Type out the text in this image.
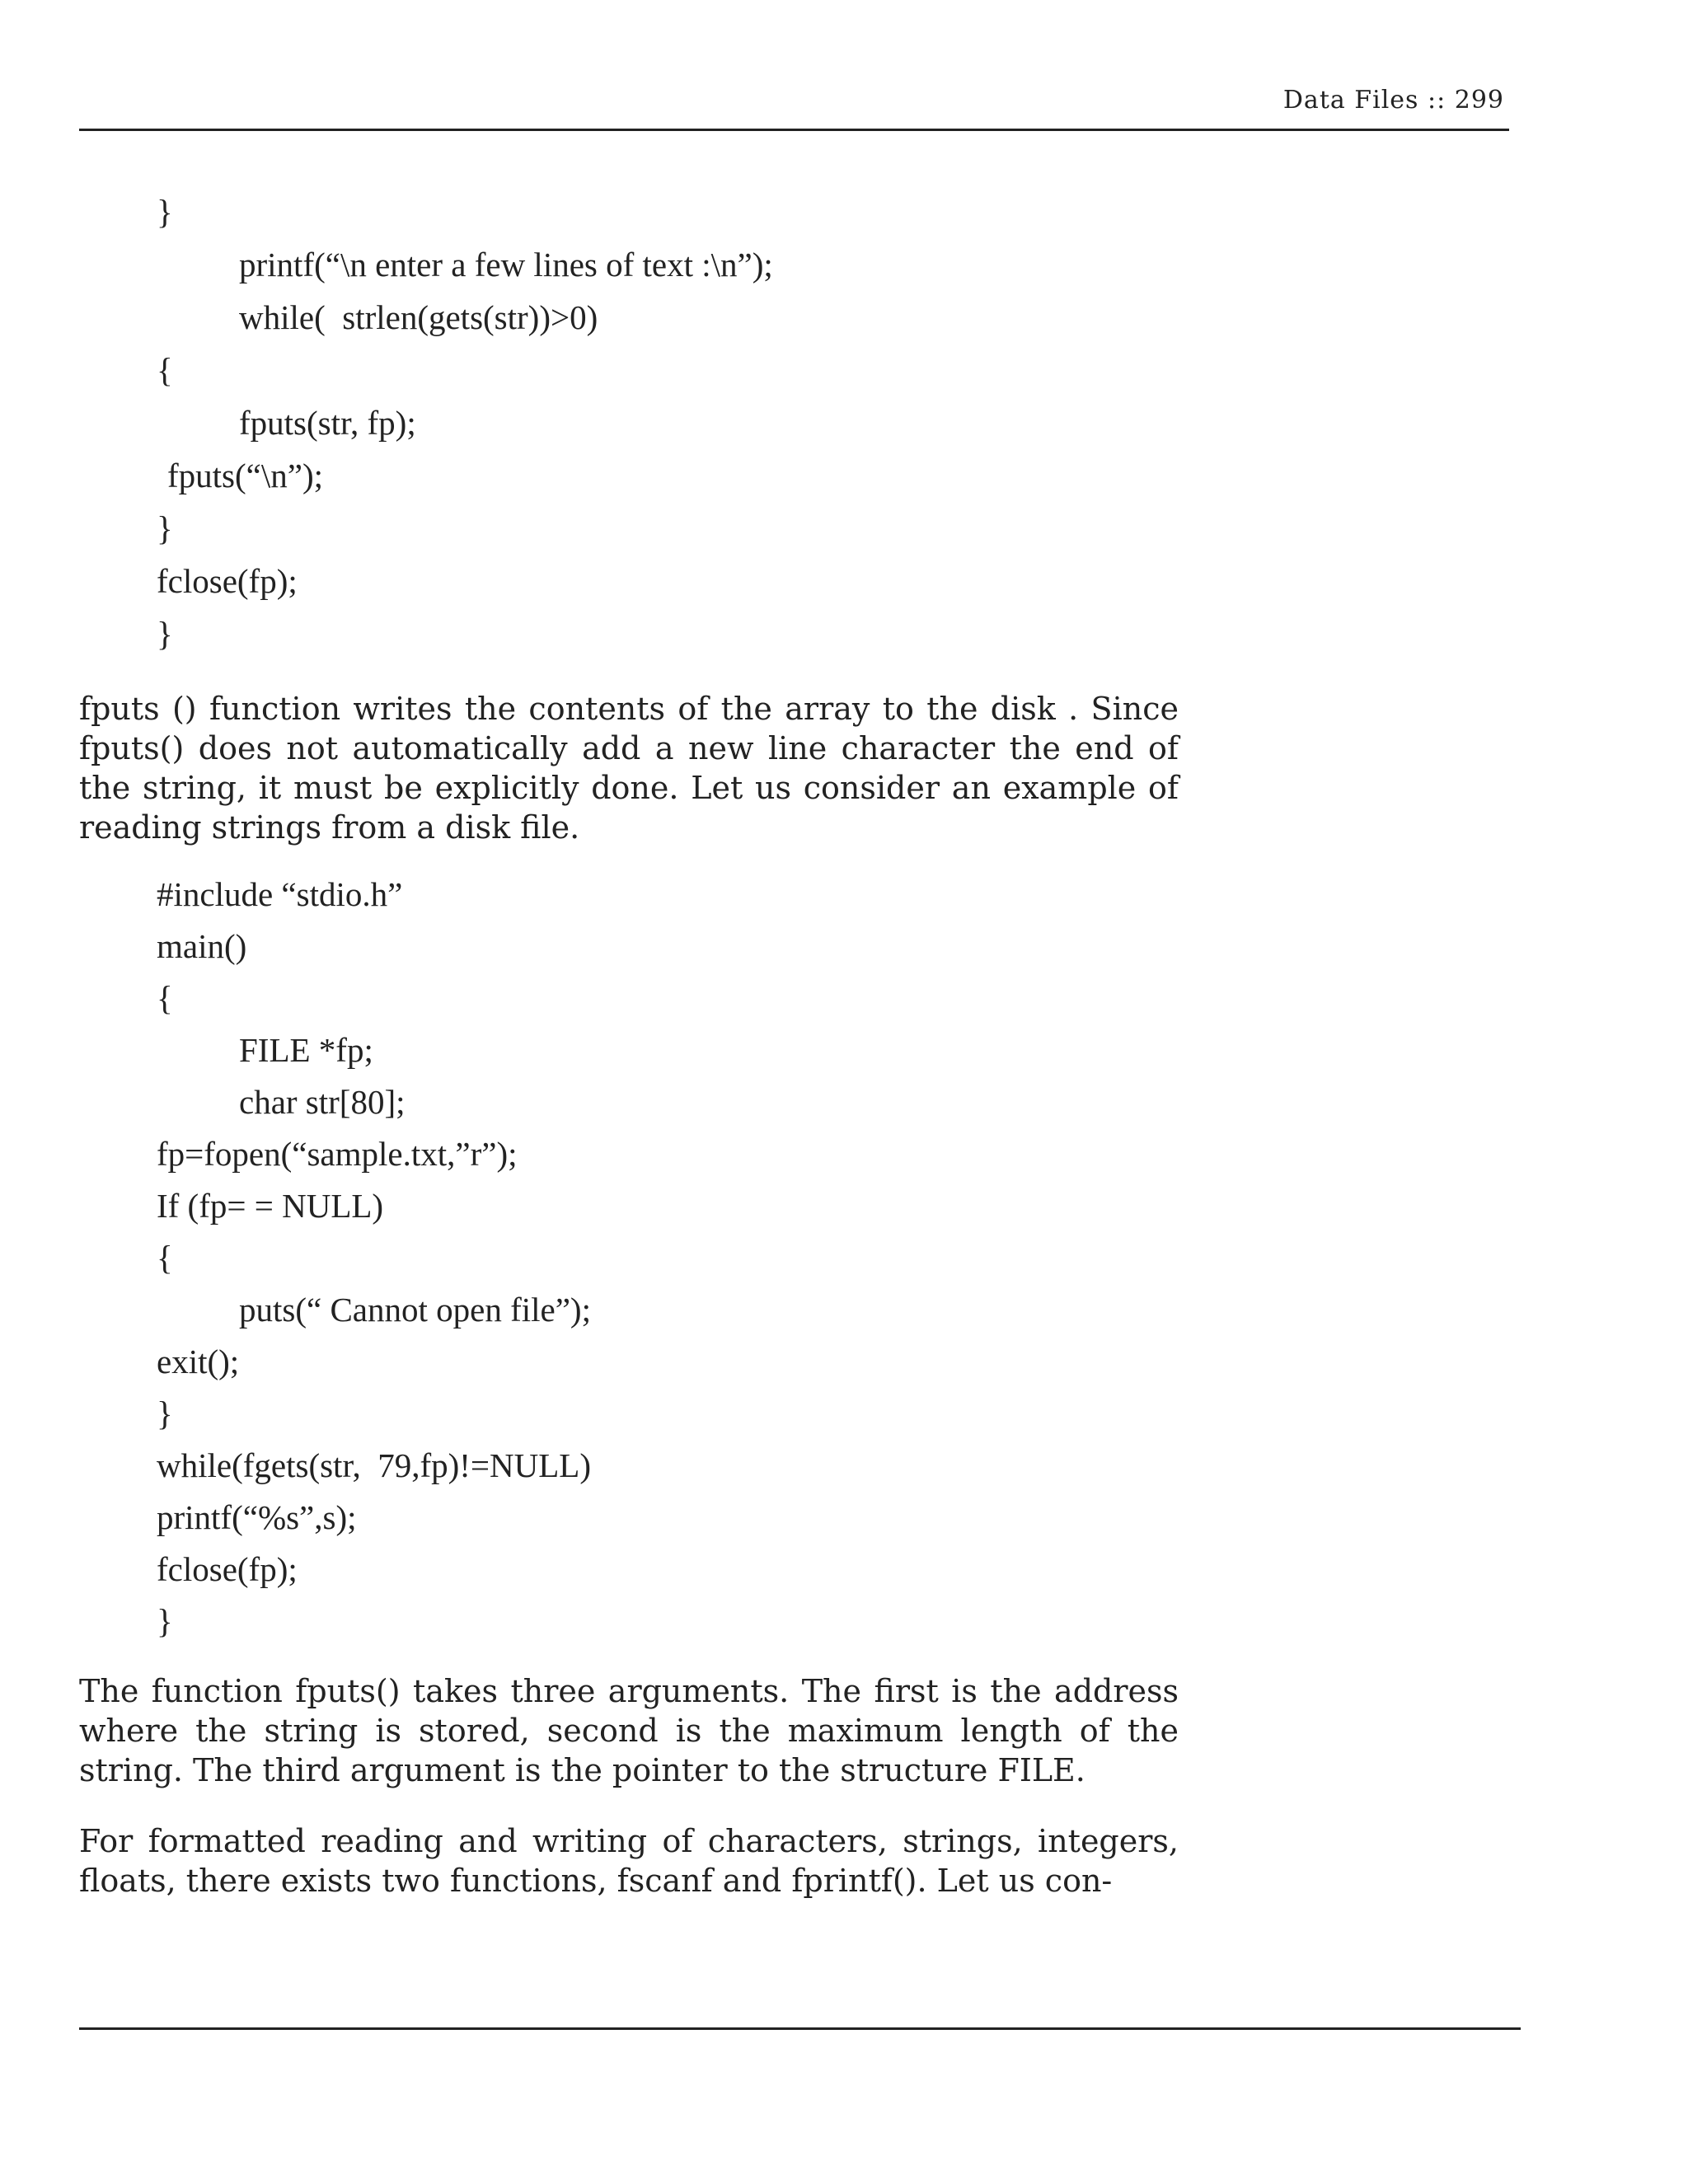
Data Files :: 299
}
printf(“\n enter a few lines of text :\n”);
while(  strlen(gets(str))>0)
{
fputs(str, fp);
fputs(“\n”);
}
fclose(fp);
}

fputs () function writes the contents of the array to the disk . Since fputs() does not automatically add a new line character the end of the string, it must be explicitly done. Let us consider an example of reading strings from a disk file.

#include “stdio.h”
main()
{
FILE *fp;
char str[80];
fp=fopen(“sample.txt,”r”);
If (fp= = NULL)
{
puts(“ Cannot open file”);
exit();
}
while(fgets(str,  79,fp)!=NULL)
printf(“%s”,s);
fclose(fp);
}

The function fputs() takes three arguments. The first is the address where the string is stored, second is the maximum length of the string. The third argument is the pointer to the structure FILE.

For formatted reading and writing of characters, strings, integers, floats, there exists two functions, fscanf and fprintf(). Let us con-
